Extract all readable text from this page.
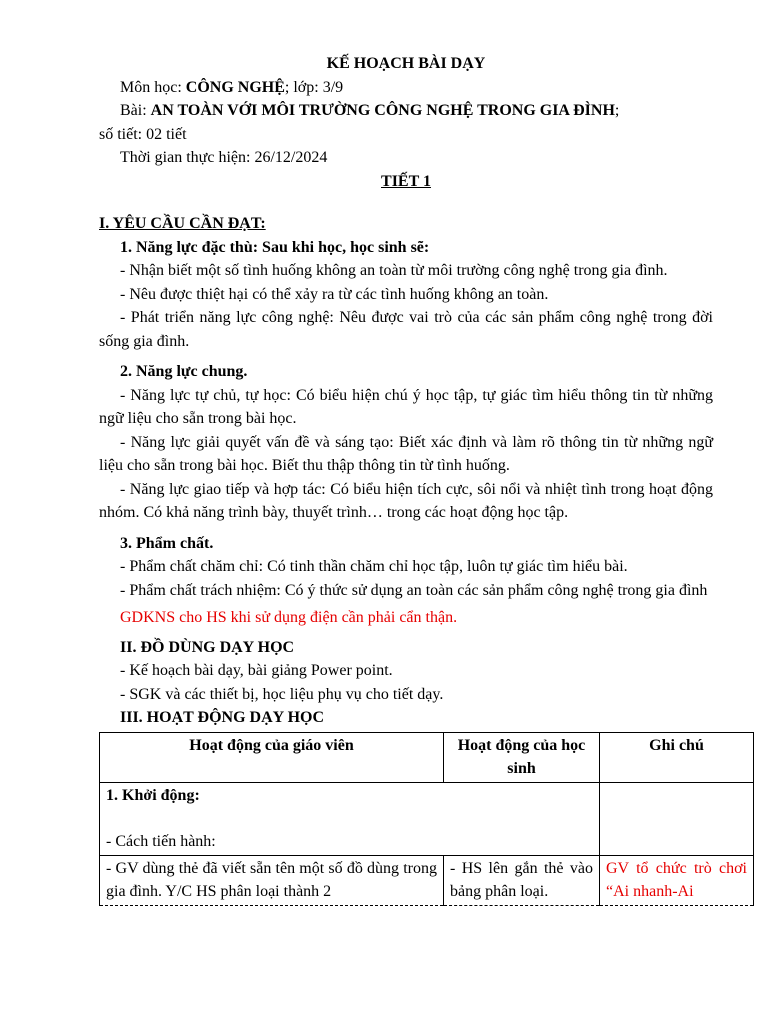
KẾ HOẠCH BÀI DẠY
Môn học: CÔNG NGHỆ; lớp: 3/9
Bài: AN TOÀN VỚI MÔI TRƯỜNG CÔNG NGHỆ TRONG GIA ĐÌNH;
số tiết: 02 tiết
Thời gian thực hiện: 26/12/2024
TIẾT 1
I. YÊU CẦU CẦN ĐẠT:
1. Năng lực đặc thù: Sau khi học, học sinh sẽ:
- Nhận biết một số tình huống không an toàn từ môi trường công nghệ trong gia đình.
- Nêu được thiệt hại có thể xảy ra từ các tình huống không an toàn.
- Phát triển năng lực công nghệ: Nêu được vai trò của các sản phẩm công nghệ trong đời sống gia đình.
2. Năng lực chung.
- Năng lực tự chủ, tự học: Có biểu hiện chú ý học tập, tự giác tìm hiểu thông tin từ những ngữ liệu cho sẵn trong bài học.
- Năng lực giải quyết vấn đề và sáng tạo: Biết xác định và làm rõ thông tin từ những ngữ liệu cho sẵn trong bài học. Biết thu thập thông tin từ tình huống.
- Năng lực giao tiếp và hợp tác: Có biểu hiện tích cực, sôi nổi và nhiệt tình trong hoạt động nhóm. Có khả năng trình bày, thuyết trình… trong các hoạt động học tập.
3. Phẩm chất.
- Phẩm chất chăm chỉ: Có tinh thần chăm chỉ học tập, luôn tự giác tìm hiểu bài.
- Phẩm chất trách nhiệm: Có ý thức sử dụng an toàn các sản phẩm công nghệ trong gia đình
GDKNS cho HS khi sử dụng điện cần phải cẩn thận.
II. ĐỒ DÙNG DẠY HỌC
- Kế hoạch bài dạy, bài giảng Power point.
- SGK và các thiết bị, học liệu phụ vụ cho tiết dạy.
III. HOẠT ĐỘNG DẠY HỌC
Hoạt động của giáo viên	Hoạt động của học sinh	Ghi chú

1. Khởi động:
- Cách tiến hành:		

- GV dùng thẻ đã viết sẵn tên một số đồ dùng trong gia đình. Y/C HS phân loại thành 2	- HS lên gắn thẻ vào bảng phân loại.	GV tổ chức trò chơi “Ai nhanh-Ai
